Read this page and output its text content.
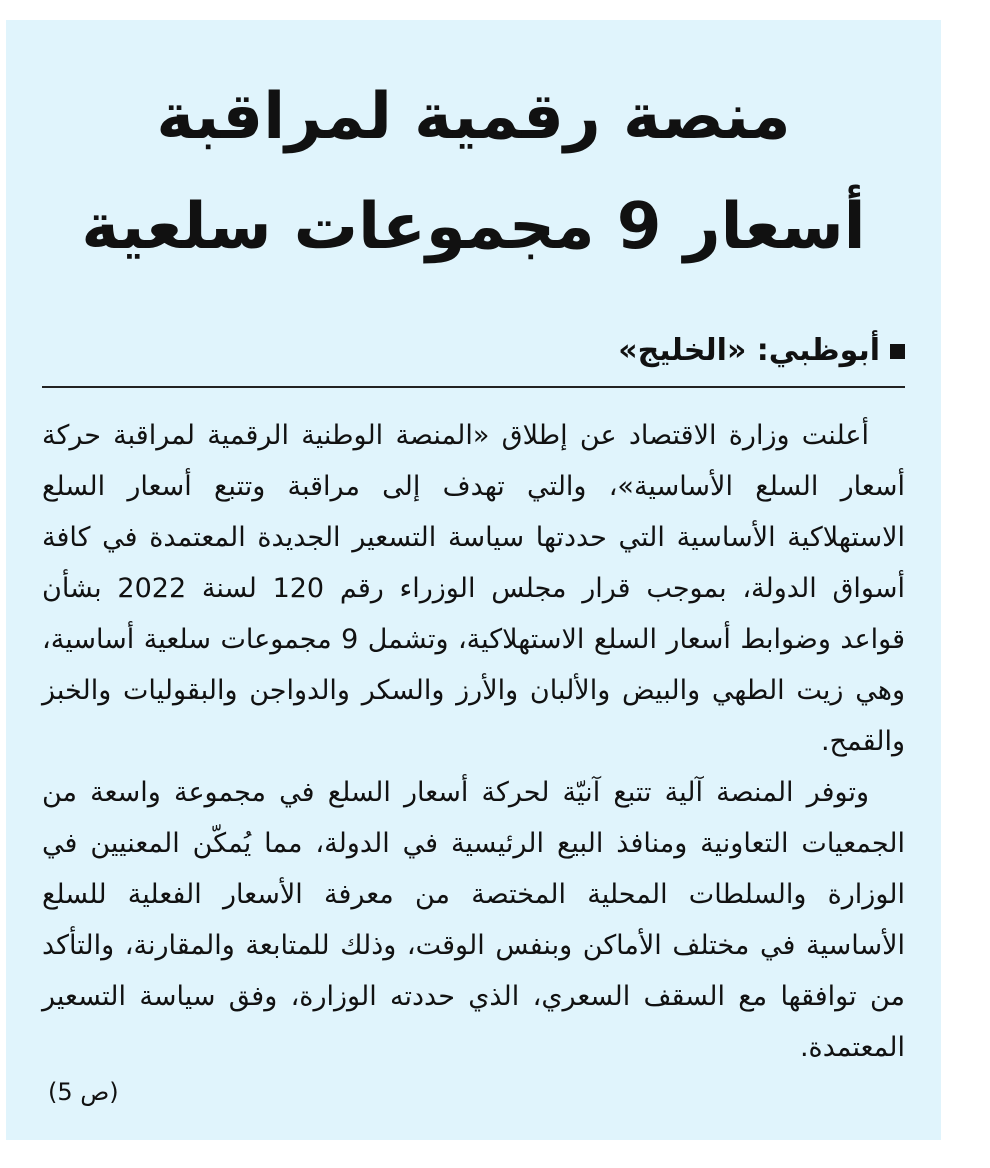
منصة رقمية لمراقبة
أسعار 9 مجموعات سلعية
أبوظبي: «الخليج»

أعلنت وزارة الاقتصاد عن إطلاق «المنصة الوطنية الرقمية لمراقبة حركة أسعار السلع الأساسية»، والتي تهدف إلى مراقبة وتتبع أسعار السلع الاستهلاكية الأساسية التي حددتها سياسة التسعير الجديدة المعتمدة في كافة أسواق الدولة، بموجب قرار مجلس الوزراء رقم 120 لسنة 2022 بشأن قواعد وضوابط أسعار السلع الاستهلاكية، وتشمل 9 مجموعات سلعية أساسية، وهي زيت الطهي والبيض والألبان والأرز والسكر والدواجن والبقوليات والخبز والقمح.

وتوفر المنصة آلية تتبع آنيّة لحركة أسعار السلع في مجموعة واسعة من الجمعيات التعاونية ومنافذ البيع الرئيسية في الدولة، مما يُمكّن المعنيين في الوزارة والسلطات المحلية المختصة من معرفة الأسعار الفعلية للسلع الأساسية في مختلف الأماكن وبنفس الوقت، وذلك للمتابعة والمقارنة، والتأكد من توافقها مع السقف السعري، الذي حددته الوزارة، وفق سياسة التسعير المعتمدة.

(ص 5)
